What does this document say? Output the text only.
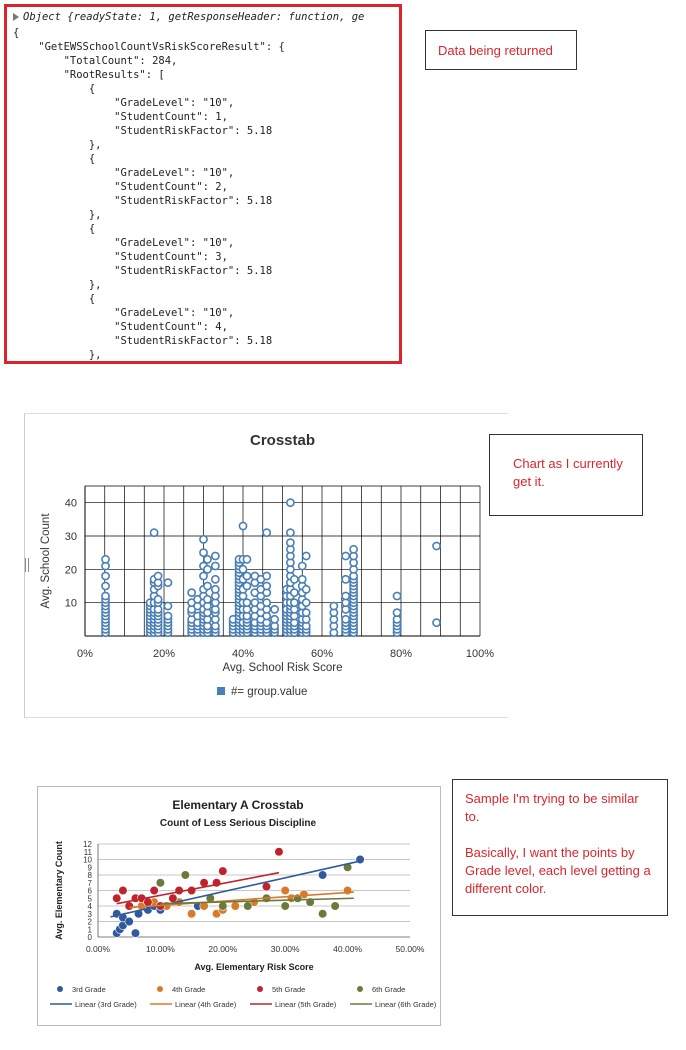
Object {readyState: 1, getResponseHeader: function, ge
{
"GetEWSSchoolCountVsRiskScoreResult": {
"TotalCount": 284,
"RootResults": [
{
"GradeLevel": "10",
"StudentCount": 1,
"StudentRiskFactor": 5.18
},
{
"GradeLevel": "10",
"StudentCount": 2,
"StudentRiskFactor": 5.18
},
{
"GradeLevel": "10",
"StudentCount": 3,
"StudentRiskFactor": 5.18
},
{
"GradeLevel": "10",
"StudentCount": 4,
"StudentRiskFactor": 5.18
},

Data being returned

Crosstab
10
20
30
40
0%	20%	40%	60%	80%	100%
Avg. School Risk Score
Avg. School Count
#= group.value

Chart as I currently get it.

Elementary A Crosstab
Count of Less Serious Discipline
0
1
2
3
4
5
6
7
8
9
10
11
12
0.00%	10.00%	20.00%	30.00%	40.00%	50.00%
Avg. Elementary Risk Score
Avg. Elementary Count
3rd Grade	4th Grade	5th Grade	6th Grade
Linear (3rd Grade)	Linear (4th Grade)	Linear (5th Grade)	Linear (6th Grade)

Sample I'm trying to be similar to.

Basically, I want the points by Grade level, each level getting a different color.
